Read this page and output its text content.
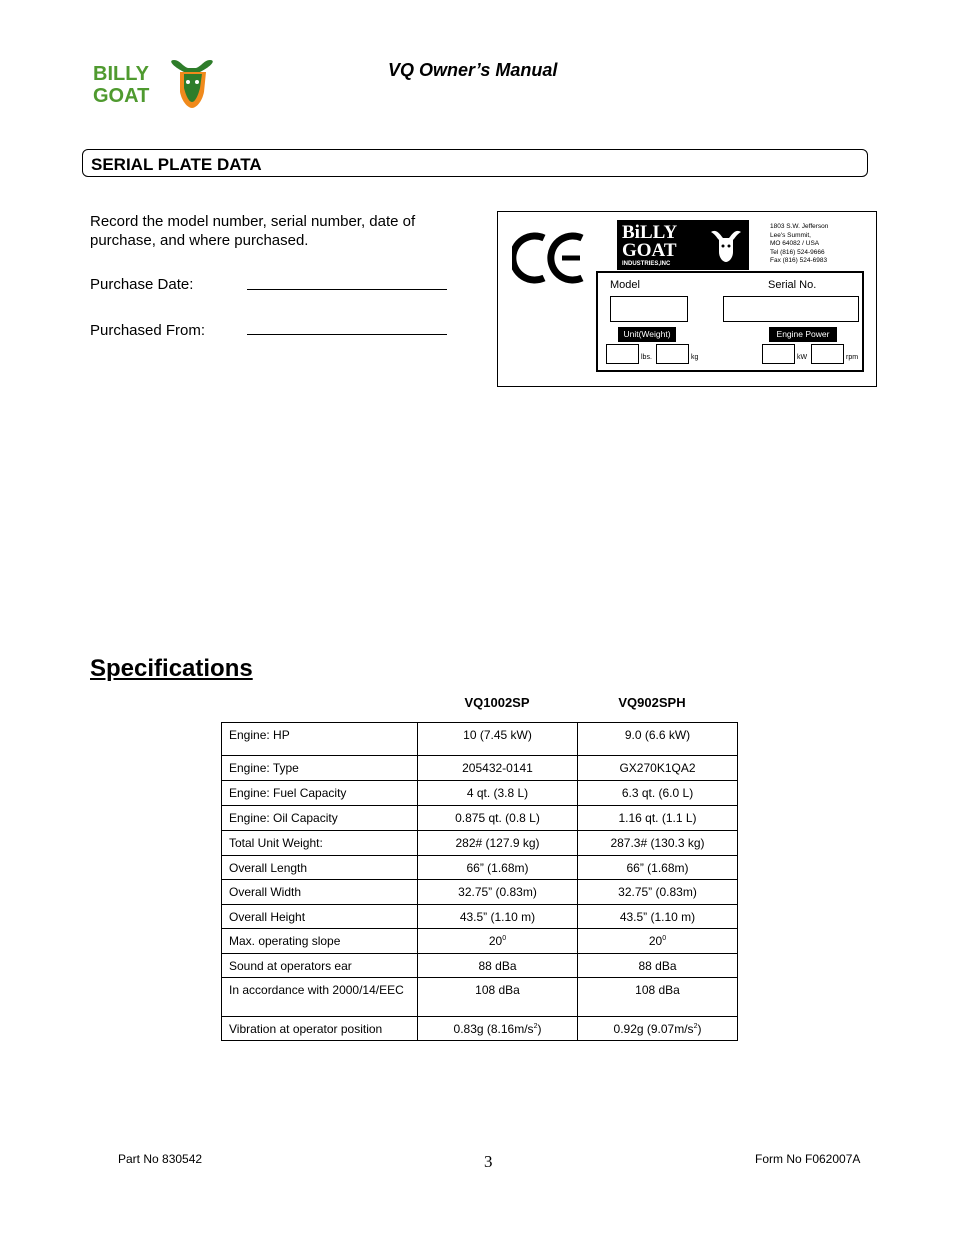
BILLY
GOAT
VQ Owner’s Manual
SERIAL PLATE DATA
Record the model number, serial number, date of purchase, and where purchased.
Purchase Date:
Purchased From:
BiLLY
GOAT
INDUSTRIES,INC
1803 S.W. Jefferson
Lee's Summit,
MO 64082 / USA
Tel (816) 524-9666
Fax (816) 524-6983
Model	Serial No.
Unit(Weight)	Engine Power
lbs.	kg	kW	rpm
Specifications
VQ1002SP	VQ902SPH
Engine: HP	10 (7.45 kW)	9.0 (6.6 kW)
Engine: Type	205432-0141	GX270K1QA2
Engine: Fuel Capacity	4 qt. (3.8 L)	6.3 qt. (6.0 L)
Engine: Oil Capacity	0.875 qt. (0.8 L)	1.16 qt. (1.1 L)
Total Unit Weight:	282# (127.9 kg)	287.3# (130.3 kg)
Overall Length	66” (1.68m)	66” (1.68m)
Overall Width	32.75” (0.83m)	32.75” (0.83m)
Overall Height	43.5” (1.10 m)	43.5” (1.10 m)
Max. operating slope	$20^0$	$20^0$
Sound at operators ear	88 dBa	88 dBa
In accordance with 2000/14/EEC	108 dBa	108 dBa
Vibration at operator position	0.83g $(8.16m/s^2)$	0.92g $(9.07m/s^2)$
Part No 830542	3	Form No F062007A
